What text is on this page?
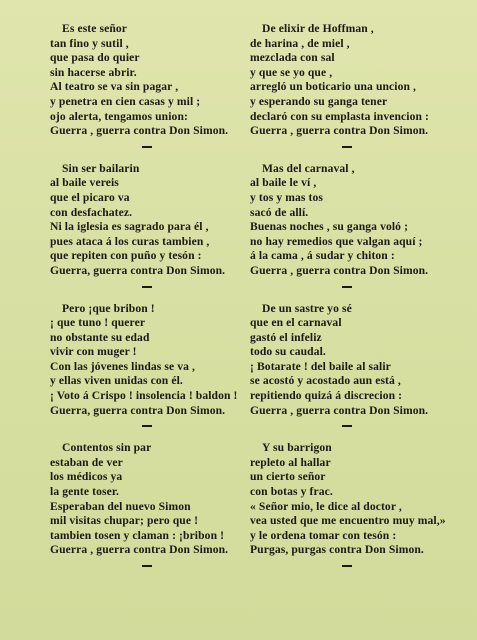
Es este señor
tan fino y sutil ,
que pasa do quier
sin hacerse abrir.
Al teatro se va sin pagar ,
y penetra en cien casas y mil ;
ojo alerta, tengamos union:
Guerra , guerra contra Don Simon.
Sin ser bailarin
al baile vereis
que el picaro va
con desfachatez.
Ni la iglesia es sagrado para él ,
pues ataca á los curas tambien ,
que repiten con puño y tesón :
Guerra, guerra contra Don Simon.
Pero ¡que bribon !
¡ que tuno ! querer
no obstante su edad
vivir con muger !
Con las jóvenes lindas se va ,
y ellas viven unidas con él.
¡ Voto á Crispo ! insolencia ! baldon !
Guerra, guerra contra Don Simon.
Contentos sin par
estaban de ver
los médicos ya
la gente toser.
Esperaban del nuevo Simon
mil visitas chupar; pero que !
tambien tosen y claman : ¡bribon !
Guerra , guerra contra Don Simon.
De elixir de Hoffman ,
de harina , de miel ,
mezclada con sal
y que se yo que ,
arregló un boticario una uncion ,
y esperando su ganga tener
declaró con su emplasta invencion :
Guerra , guerra contra Don Simon.
Mas del carnaval ,
al baile le ví ,
y tos y mas tos
sacó de allí.
Buenas noches , su ganga voló ;
no hay remedios que valgan aquí ;
á la cama , á sudar y chiton :
Guerra , guerra contra Don Simon.
De un sastre yo sé
que en el carnaval
gastó el infeliz
todo su caudal.
¡ Botarate ! del baile al salir
se acostó y acostado aun está ,
repitiendo quizá á discrecion :
Guerra , guerra contra Don Simon.
Y su barrigon
repleto al hallar
un cierto señor
con botas y frac.
« Señor mio, le dice al doctor ,
vea usted que me encuentro muy mal,»
y le ordena tomar con tesón :
Purgas, purgas contra Don Simon.
